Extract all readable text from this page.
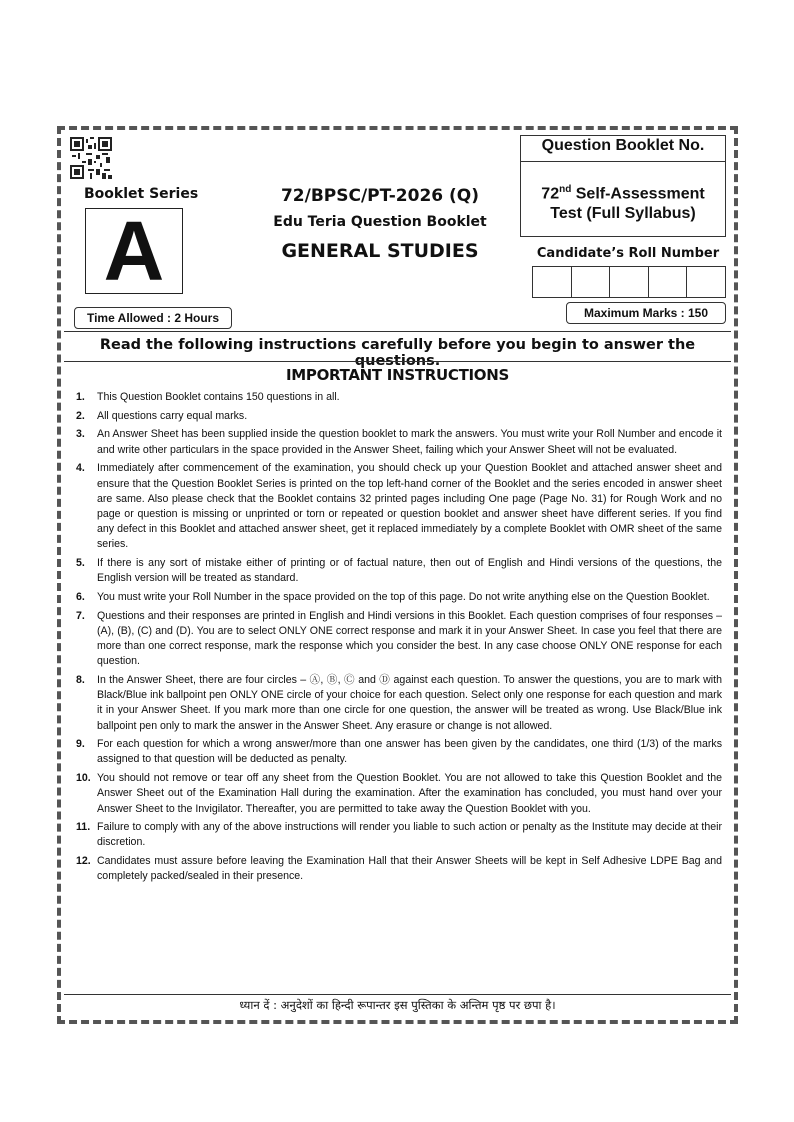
Booklet Series
A
Time Allowed : 2 Hours
72/BPSC/PT-2026 (Q)
Edu Teria Question Booklet
GENERAL STUDIES
Question Booklet No.
72nd Self-Assessment
Test (Full Syllabus)
Candidate’s Roll Number
Maximum Marks : 150
Read the following instructions carefully before you begin to answer the questions.
IMPORTANT INSTRUCTIONS
1.	This Question Booklet contains 150 questions in all.
2.	All questions carry equal marks.
3.	An Answer Sheet has been supplied inside the question booklet to mark the answers. You must write your Roll Number and encode it and write other particulars in the space provided in the Answer Sheet, failing which your Answer Sheet will not be evaluated.
4.	Immediately after commencement of the examination, you should check up your Question Booklet and attached answer sheet and ensure that the Question Booklet Series is printed on the top left-hand corner of the Booklet and the series encoded in answer sheet are same. Also please check that the Booklet contains 32 printed pages including One page (Page No. 31) for Rough Work and no page or question is missing or unprinted or torn or repeated or question booklet and answer sheet have different series. If you find any defect in this Booklet and attached answer sheet, get it replaced immediately by a complete Booklet with OMR sheet of the same series.
5.	If there is any sort of mistake either of printing or of factual nature, then out of English and Hindi versions of the questions, the English version will be treated as standard.
6.	You must write your Roll Number in the space provided on the top of this page. Do not write anything else on the Question Booklet.
7.	Questions and their responses are printed in English and Hindi versions in this Booklet. Each question comprises of four responses – (A), (B), (C) and (D). You are to select ONLY ONE correct response and mark it in your Answer Sheet. In case you feel that there are more than one correct response, mark the response which you consider the best. In any case choose ONLY ONE response for each question.
8.	In the Answer Sheet, there are four circles – Ⓐ, Ⓑ, Ⓒ and Ⓓ against each question. To answer the questions, you are to mark with Black/Blue ink ballpoint pen ONLY ONE circle of your choice for each question. Select only one response for each question and mark it in your Answer Sheet. If you mark more than one circle for one question, the answer will be treated as wrong. Use Black/Blue ink ballpoint pen only to mark the answer in the Answer Sheet. Any erasure or change is not allowed.
9.	For each question for which a wrong answer/more than one answer has been given by the candidates, one third (1/3) of the marks assigned to that question will be deducted as penalty.
10. You should not remove or tear off any sheet from the Question Booklet. You are not allowed to take this Question Booklet and the Answer Sheet out of the Examination Hall during the examination. After the examination has concluded, you must hand over your Answer Sheet to the Invigilator. Thereafter, you are permitted to take away the Question Booklet with you.
11. Failure to comply with any of the above instructions will render you liable to such action or penalty as the Institute may decide at their discretion.
12. Candidates must assure before leaving the Examination Hall that their Answer Sheets will be kept in Self Adhesive LDPE Bag and completely packed/sealed in their presence.
ध्यान दें : अनुदेशों का हिन्दी रूपान्तर इस पुस्तिका के अन्तिम पृष्ठ पर छपा है।
